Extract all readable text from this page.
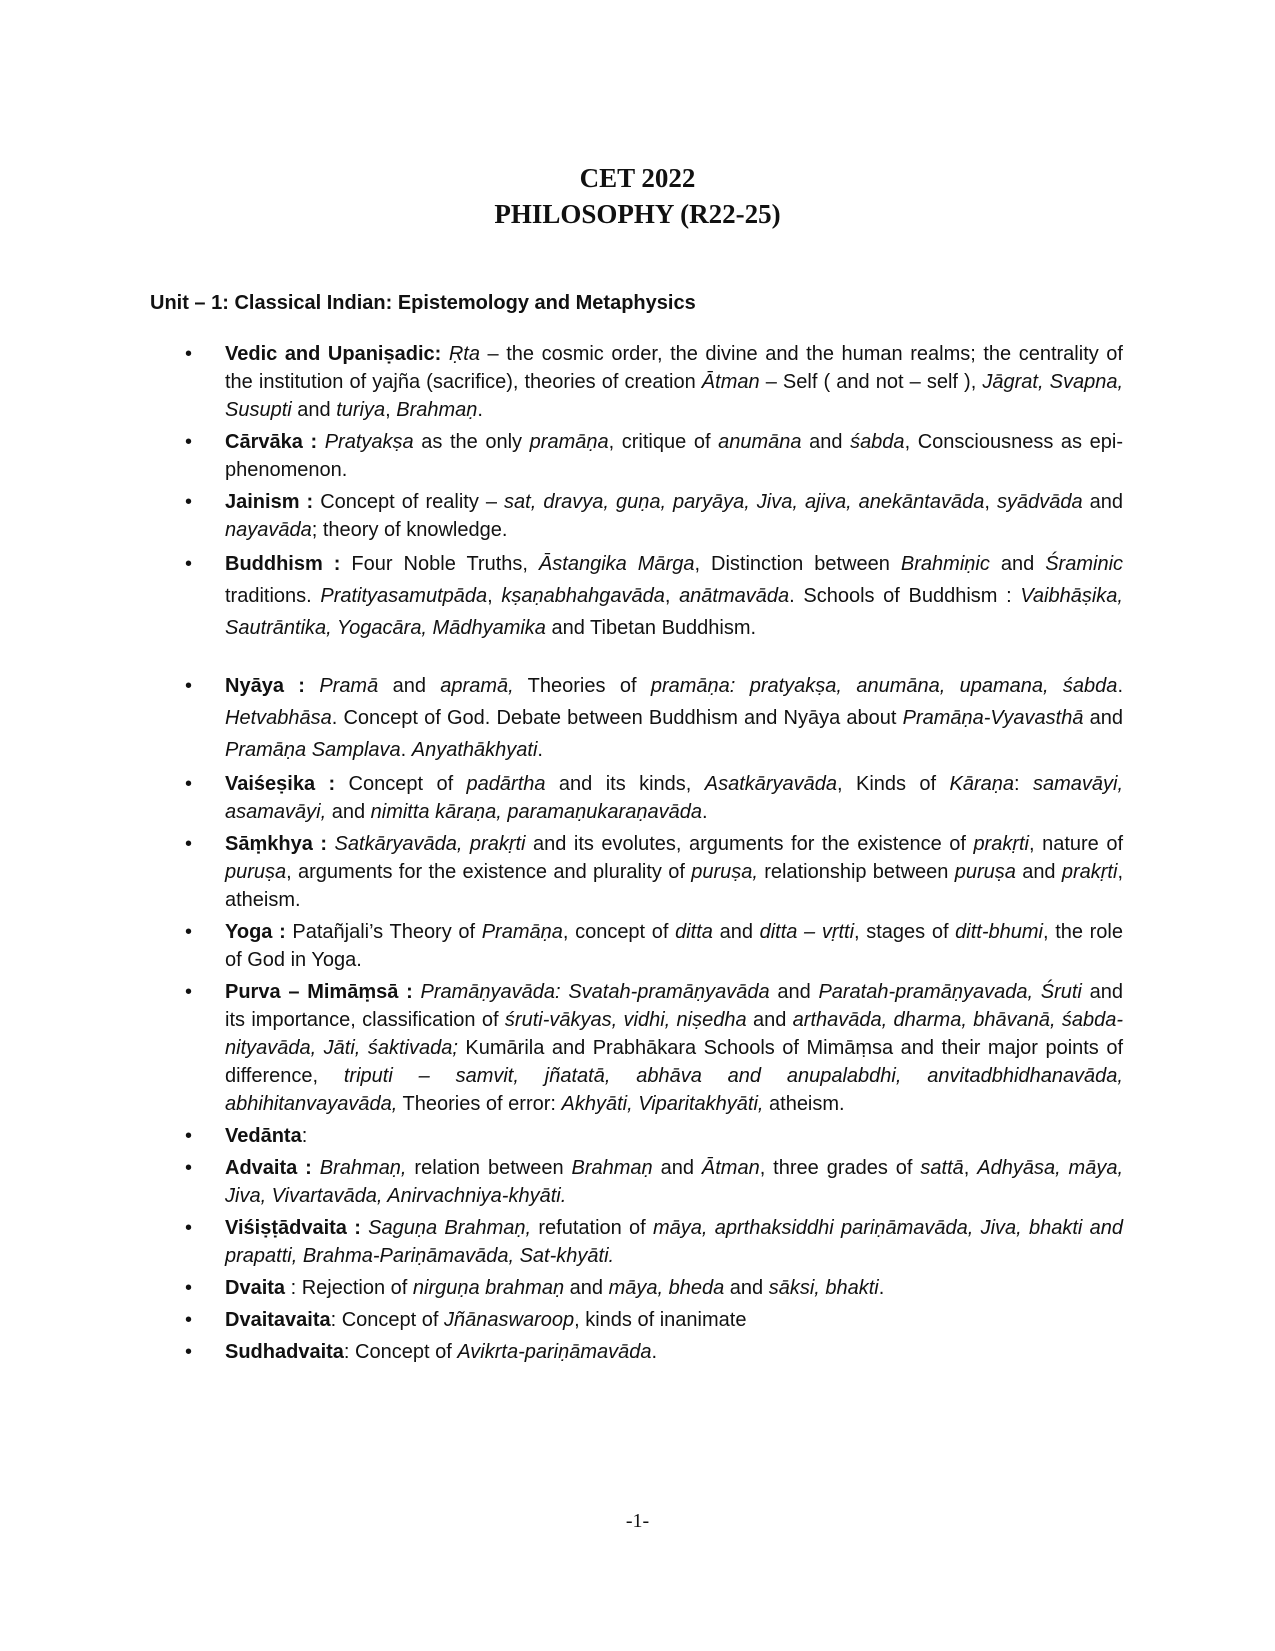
CET 2022
PHILOSOPHY (R22-25)
Unit – 1: Classical Indian: Epistemology and Metaphysics
• Vedic and Upaniṣadic: Ṛta – the cosmic order, the divine and the human realms; the centrality of the institution of yajña (sacrifice), theories of creation Ātman – Self ( and not – self ), Jāgrat, Svapna, Susupti and turiya, Brahmaṇ.
• Cārvāka : Pratyakṣa as the only pramāṇa, critique of anumāna and śabda, Consciousness as epi-phenomenon.
• Jainism : Concept of reality – sat, dravya, guṇa, paryāya, Jiva, ajiva, anekāntavāda, syādvāda and nayavāda; theory of knowledge.
• Buddhism : Four Noble Truths, Āstangika Mārga, Distinction between Brahmiṇic and Śraminic traditions. Pratityasamutpāda, kṣaṇabhahgavāda, anātmavāda. Schools of Buddhism : Vaibhāṣika, Sautrāntika, Yogacāra, Mādhyamika and Tibetan Buddhism.
• Nyāya : Pramā and apramā, Theories of pramāṇa: pratyakṣa, anumāna, upamana, śabda. Hetvabhāsa. Concept of God. Debate between Buddhism and Nyāya about Pramāṇa-Vyavasthā and Pramāṇa Samplava. Anyathākhyati.
• Vaiśeṣika : Concept of padārtha and its kinds, Asatkāryavāda, Kinds of Kāraṇa: samavāyi, asamavāyi, and nimitta kāraṇa, paramaṇukaraṇavāda.
• Sāṃkhya : Satkāryavāda, prakṛti and its evolutes, arguments for the existence of prakṛti, nature of puruṣa, arguments for the existence and plurality of puruṣa, relationship between puruṣa and prakṛti, atheism.
• Yoga : Patañjali’s Theory of Pramāṇa, concept of ditta and ditta – vṛtti, stages of ditt-bhumi, the role of God in Yoga.
• Purva – Mimāṃsā : Pramāṇyavāda: Svatah-pramāṇyavāda and Paratah-pramāṇyavada, Śruti and its importance, classification of śruti-vākyas, vidhi, niṣedha and arthavāda, dharma, bhāvanā, śabda-nityavāda, Jāti, śaktivada; Kumārila and Prabhākara Schools of Mimāṃsa and their major points of difference, triputi – samvit, jñatatā, abhāva and anupalabdhi, anvitadbhidhanavāda, abhihitanvayavāda, Theories of error: Akhyāti, Viparitakhyāti, atheism.
• Vedānta:
• Advaita : Brahmaṇ, relation between Brahmaṇ and Ātman, three grades of sattā, Adhyāsa, māya, Jiva, Vivartavāda, Anirvachniya-khyāti.
• Viśiṣṭādvaita : Saguṇa Brahmaṇ, refutation of māya, aprthaksiddhi pariṇāmavāda, Jiva, bhakti and prapatti, Brahma-Pariṇāmavāda, Sat-khyāti.
• Dvaita : Rejection of nirguṇa brahmaṇ and māya, bheda and sāksi, bhakti.
• Dvaitavaita: Concept of Jñānaswaroop, kinds of inanimate
• Sudhadvaita: Concept of Avikrta-pariṇāmavāda.
-1-
